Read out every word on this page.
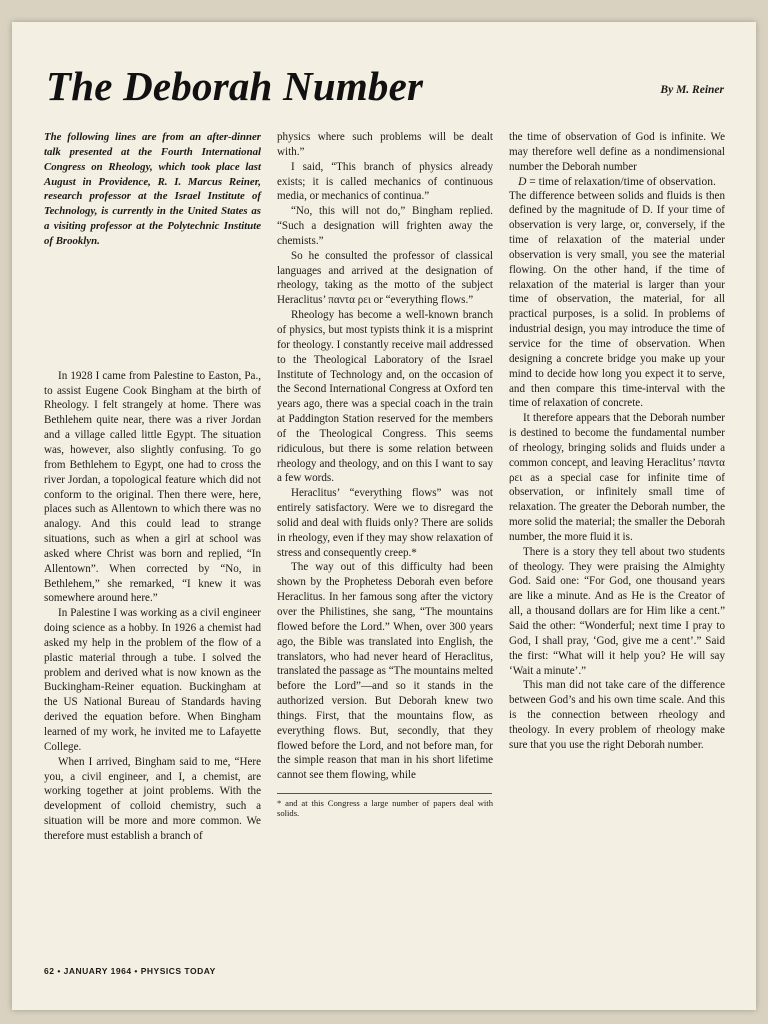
The Deborah Number	By M. Reiner

The following lines are from an after-dinner talk presented at the Fourth International Congress on Rheology, which took place last August in Providence, R. I. Marcus Reiner, research professor at the Israel Institute of Technology, is currently in the United States as a visiting professor at the Polytechnic Institute of Brooklyn.

In 1928 I came from Palestine to Easton, Pa., to assist Eugene Cook Bingham at the birth of Rheology. I felt strangely at home. There was Bethlehem quite near, there was a river Jordan and a village called little Egypt. The situation was, however, also slightly confusing. To go from Bethlehem to Egypt, one had to cross the river Jordan, a topological feature which did not conform to the original. Then there were, here, places such as Allentown to which there was no analogy. And this could lead to strange situations, such as when a girl at school was asked where Christ was born and replied, “In Allentown”. When corrected by “No, in Bethlehem,” she remarked, “I knew it was somewhere around here.”

In Palestine I was working as a civil engineer doing science as a hobby. In 1926 a chemist had asked my help in the problem of the flow of a plastic material through a tube. I solved the problem and derived what is now known as the Buckingham-Reiner equation. Buckingham at the US National Bureau of Standards having derived the equation before. When Bingham learned of my work, he invited me to Lafayette College.

When I arrived, Bingham said to me, “Here you, a civil engineer, and I, a chemist, are working together at joint problems. With the development of colloid chemistry, such a situation will be more and more common. We therefore must establish a branch of

physics where such problems will be dealt with.”

I said, “This branch of physics already exists; it is called mechanics of continuous media, or mechanics of continua.”

“No, this will not do,” Bingham replied. “Such a designation will frighten away the chemists.”

So he consulted the professor of classical languages and arrived at the designation of rheology, taking as the motto of the subject Heraclitus’ παντα ρει or “everything flows.”

Rheology has become a well-known branch of physics, but most typists think it is a misprint for theology. I constantly receive mail addressed to the Theological Laboratory of the Israel Institute of Technology and, on the occasion of the Second International Congress at Oxford ten years ago, there was a special coach in the train at Paddington Station reserved for the members of the Theological Congress. This seems ridiculous, but there is some relation between rheology and theology, and on this I want to say a few words.

Heraclitus’ “everything flows” was not entirely satisfactory. Were we to disregard the solid and deal with fluids only? There are solids in rheology, even if they may show relaxation of stress and consequently creep.*

The way out of this difficulty had been shown by the Prophetess Deborah even before Heraclitus. In her famous song after the victory over the Philistines, she sang, “The mountains flowed before the Lord.” When, over 300 years ago, the Bible was translated into English, the translators, who had never heard of Heraclitus, translated the passage as “The mountains melted before the Lord”—and so it stands in the authorized version. But Deborah knew two things. First, that the mountains flow, as everything flows. But, secondly, that they flowed before the Lord, and not before man, for the simple reason that man in his short lifetime cannot see them flowing, while

* and at this Congress a large number of papers deal with solids.

the time of observation of God is infinite. We may therefore well define as a nondimensional number the Deborah number

D = time of relaxation/time of observation.

The difference between solids and fluids is then defined by the magnitude of D. If your time of observation is very large, or, conversely, if the time of relaxation of the material under observation is very small, you see the material flowing. On the other hand, if the time of relaxation of the material is larger than your time of observation, the material, for all practical purposes, is a solid. In problems of industrial design, you may introduce the time of service for the time of observation. When designing a concrete bridge you make up your mind to decide how long you expect it to serve, and then compare this time-interval with the time of relaxation of concrete.

It therefore appears that the Deborah number is destined to become the fundamental number of rheology, bringing solids and fluids under a common concept, and leaving Heraclitus’ παντα ρει as a special case for infinite time of observation, or infinitely small time of relaxation. The greater the Deborah number, the more solid the material; the smaller the Deborah number, the more fluid it is.

There is a story they tell about two students of theology. They were praising the Almighty God. Said one: “For God, one thousand years are like a minute. And as He is the Creator of all, a thousand dollars are for Him like a cent.” Said the other: “Wonderful; next time I pray to God, I shall pray, ‘God, give me a cent’.” Said the first: “What will it help you? He will say ‘Wait a minute’.”

This man did not take care of the difference between God’s and his own time scale. And this is the connection between rheology and theology. In every problem of rheology make sure that you use the right Deborah number.

62 • JANUARY 1964 • PHYSICS TODAY
